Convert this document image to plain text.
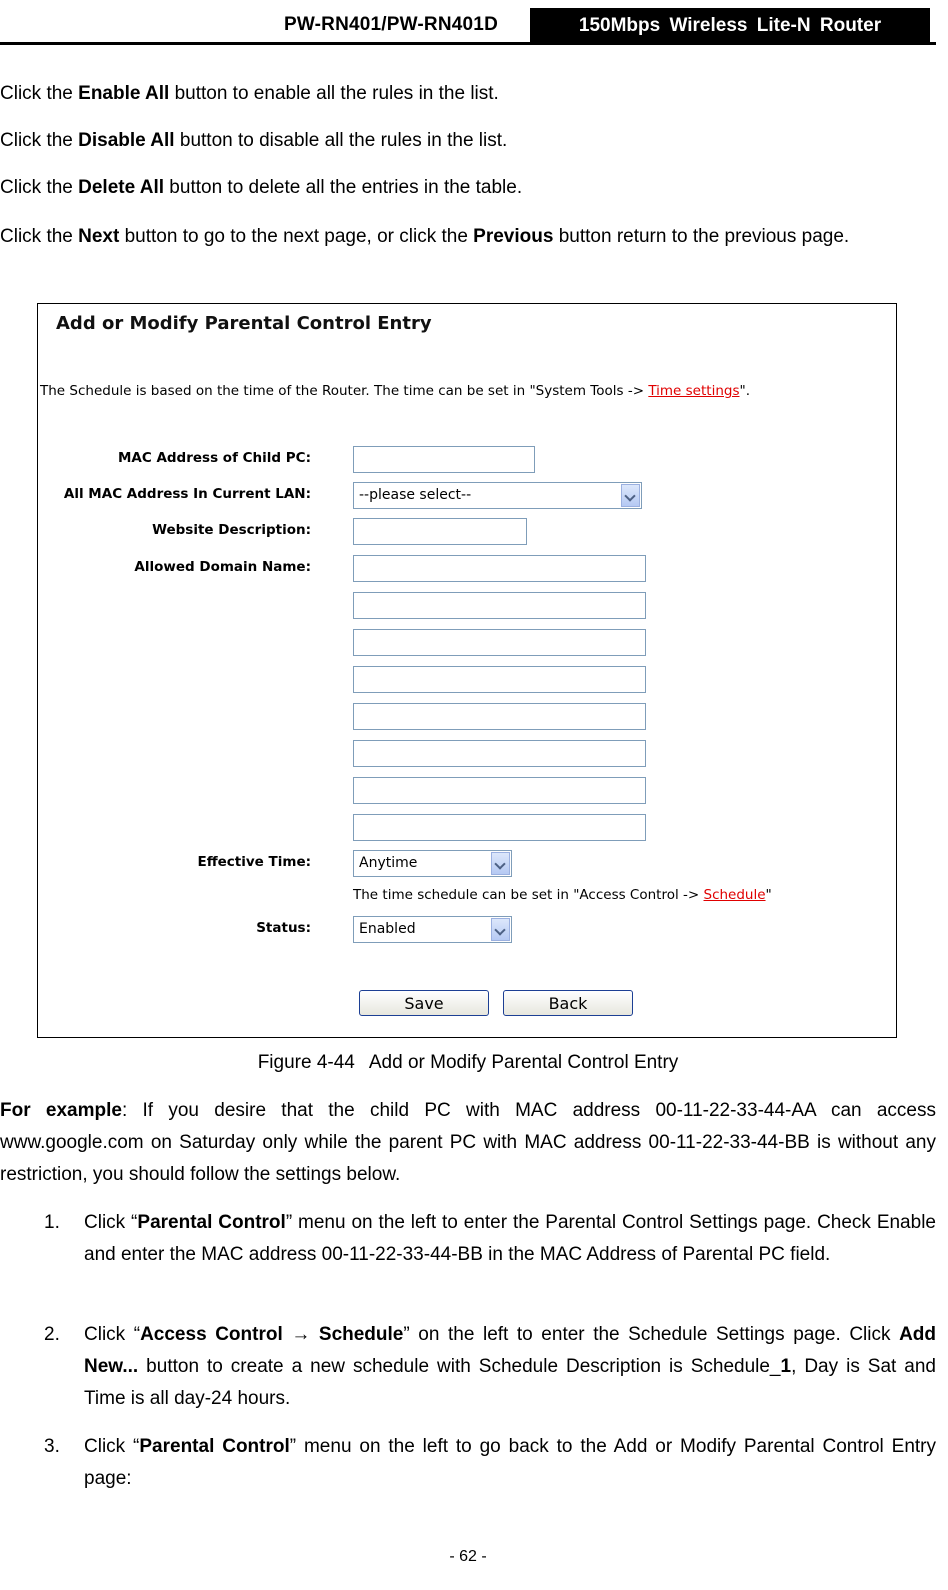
PW-RN401/PW-RN401D	150Mbps Wireless Lite-N Router

Click the Enable All button to enable all the rules in the list.

Click the Disable All button to disable all the rules in the list.

Click the Delete All button to delete all the entries in the table.

Click the Next button to go to the next page, or click the Previous button return to the previous page.

Add or Modify Parental Control Entry
The Schedule is based on the time of the Router. The time can be set in "System Tools -> Time settings".
MAC Address of Child PC:
All MAC Address In Current LAN:	--please select--
Website Description:
Allowed Domain Name:
Effective Time:	Anytime
The time schedule can be set in "Access Control -> Schedule"
Status:	Enabled
Save	Back
Figure 4-44 Add or Modify Parental Control Entry

For example: If you desire that the child PC with MAC address 00-11-22-33-44-AA can access www.google.com on Saturday only while the parent PC with MAC address 00-11-22-33-44-BB is without any restriction, you should follow the settings below.

1. Click “Parental Control” menu on the left to enter the Parental Control Settings page. Check Enable and enter the MAC address 00-11-22-33-44-BB in the MAC Address of Parental PC field.

2. Click “Access Control → Schedule” on the left to enter the Schedule Settings page. Click Add New... button to create a new schedule with Schedule Description is Schedule_1, Day is Sat and Time is all day-24 hours.

3. Click “Parental Control” menu on the left to go back to the Add or Modify Parental Control Entry page:

- 62 -
